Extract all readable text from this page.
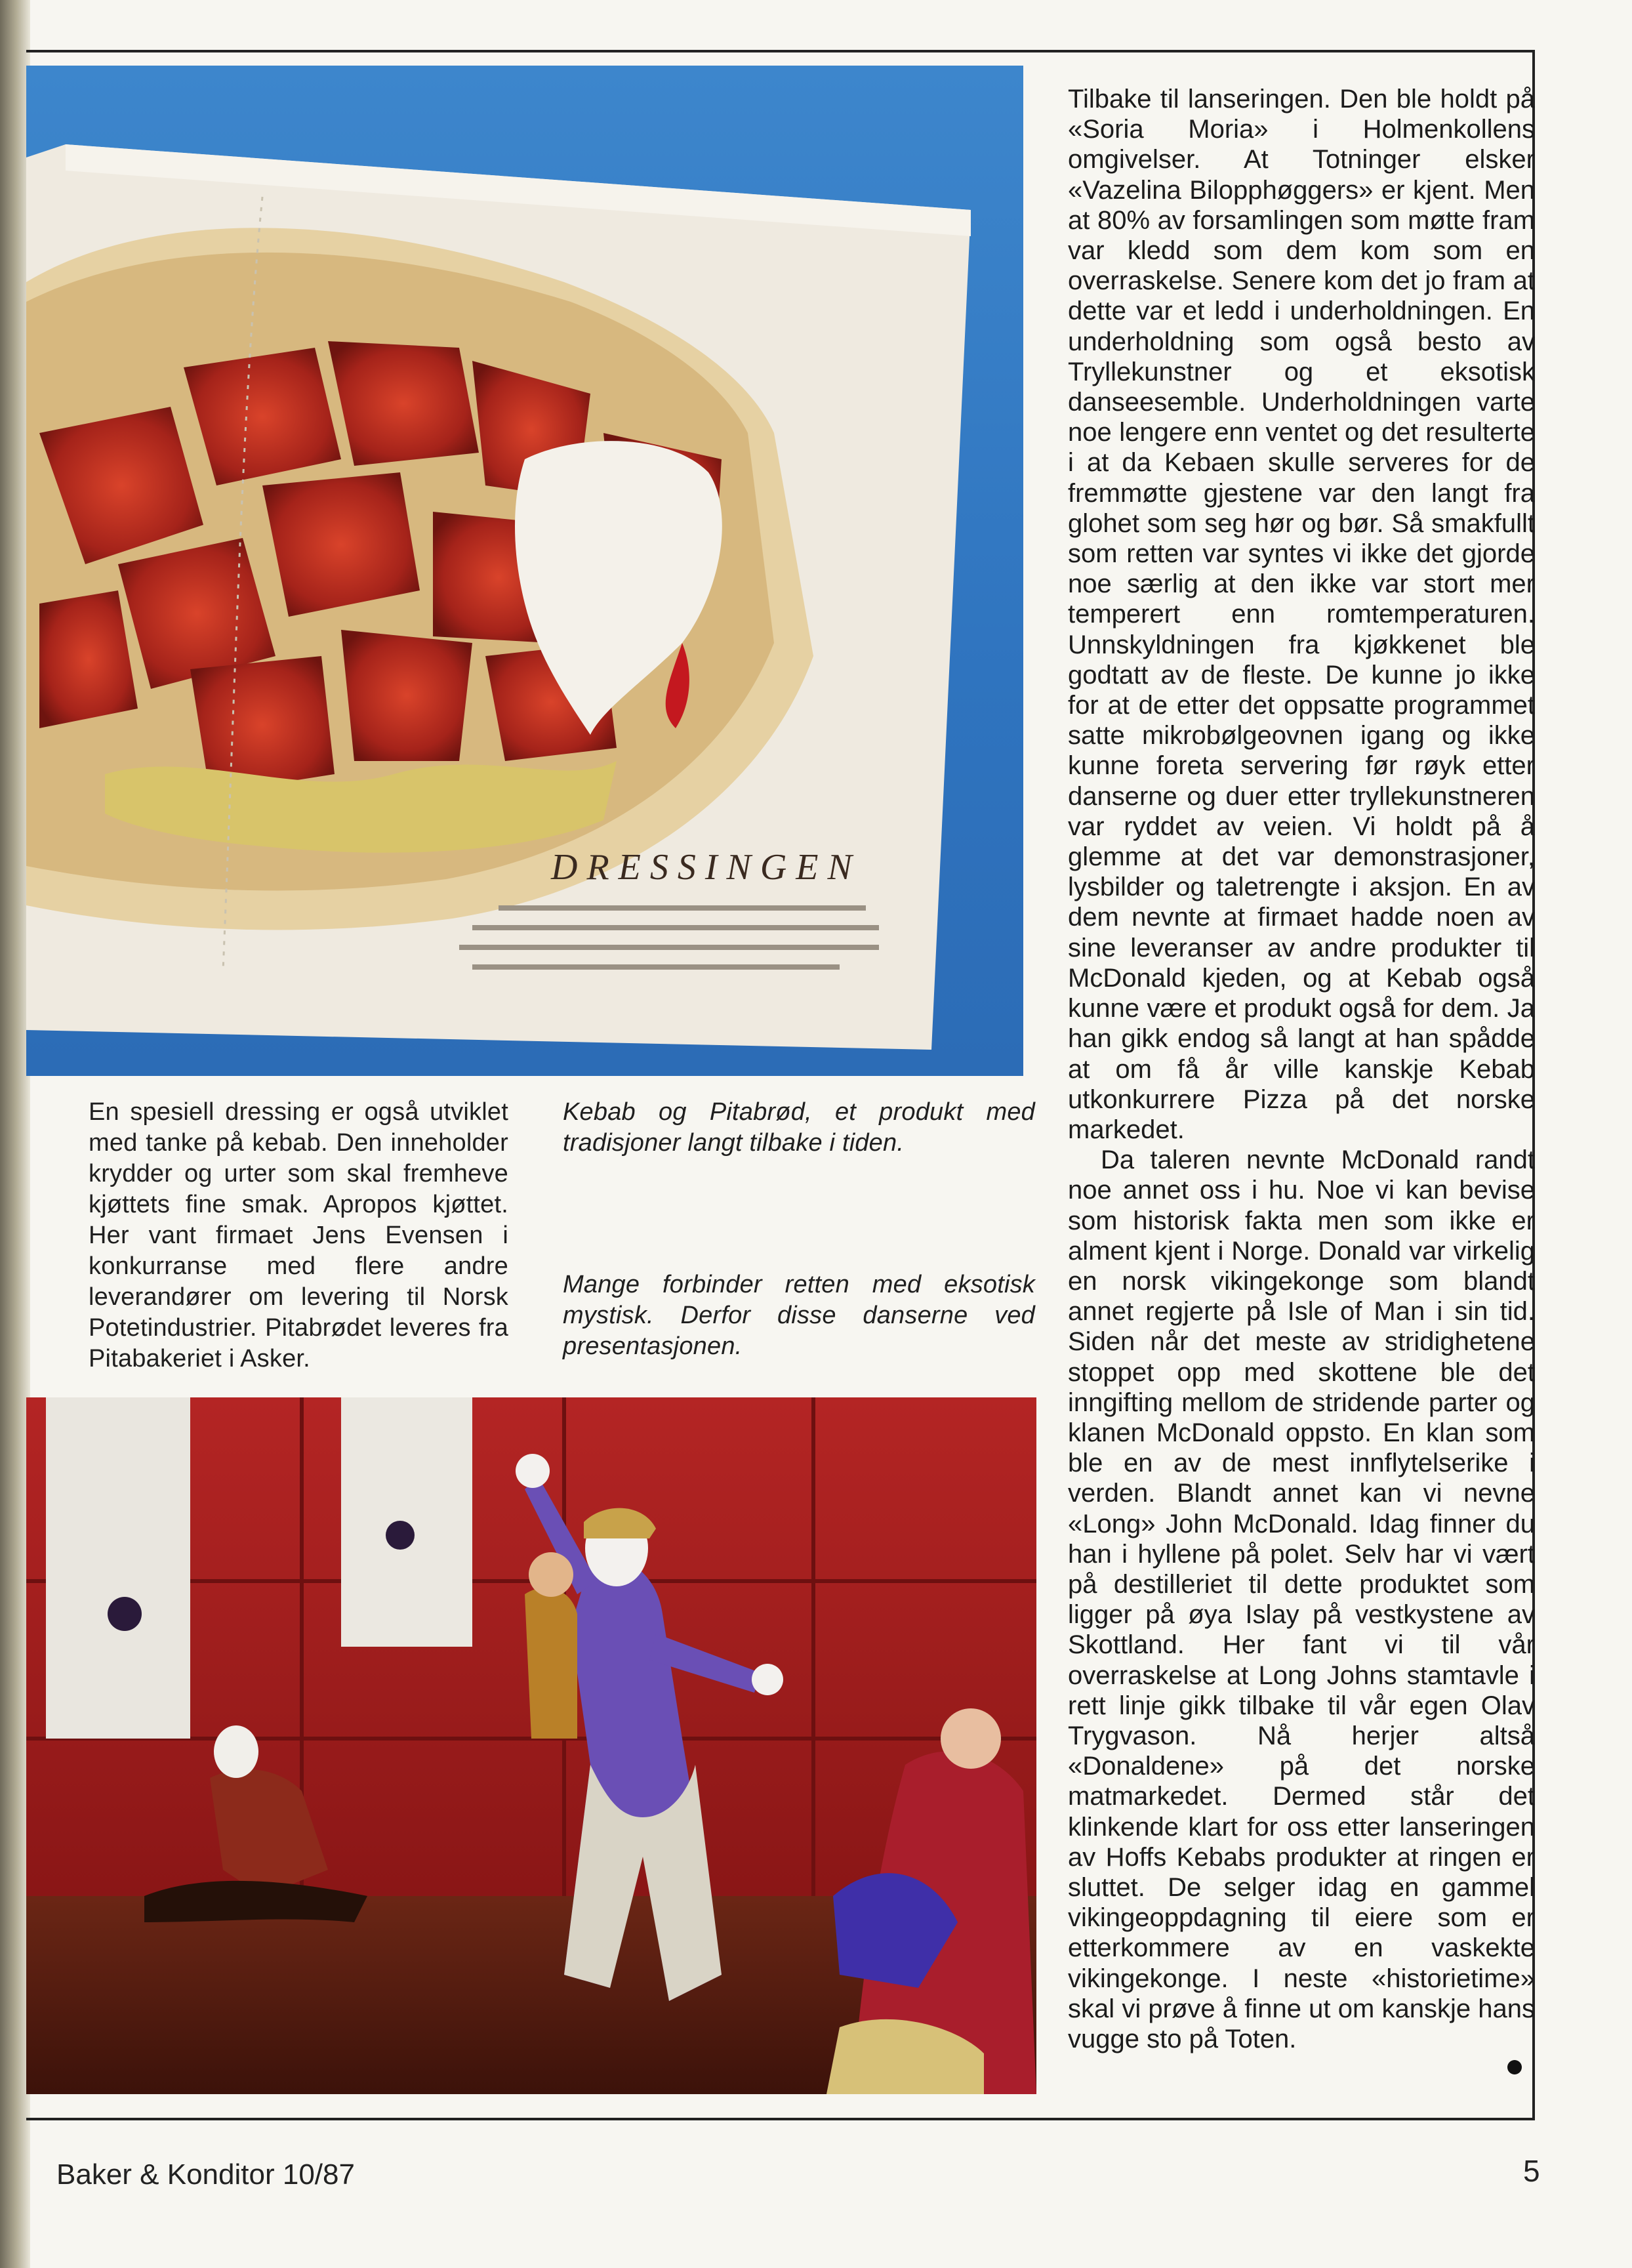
DRESSINGEN
En spesiell dressing er også utviklet med tanke på kebab. Den inneholder krydder og urter som skal fremheve kjøttets fine smak. Apropos kjøttet. Her vant firmaet Jens Evensen i konkurranse med flere andre leverandører om levering til Norsk Potetindustrier. Pitabrødet leveres fra Pitabakeriet i Asker.
Kebab og Pitabrød, et produkt med tradisjoner langt tilbake i tiden.
Mange forbinder retten med eksotisk mystisk. Derfor disse danserne ved presentasjonen.

Tilbake til lanseringen. Den ble holdt på «Soria Moria» i Holmenkollens omgivelser. At Totninger elsker «Vazelina Bilopphøggers» er kjent. Men at 80% av forsamlingen som møtte fram var kledd som dem kom som en overraskelse. Senere kom det jo fram at dette var et ledd i underholdningen. En underholdning som også besto av Tryllekunstner og et eksotisk danseesemble. Underholdningen varte noe lengere enn ventet og det resulterte i at da Kebaen skulle serveres for de fremmøtte gjestene var den langt fra glohet som seg hør og bør. Så smakfullt som retten var syntes vi ikke det gjorde noe særlig at den ikke var stort mer temperert enn romtemperaturen. Unnskyldningen fra kjøkkenet ble godtatt av de fleste. De kunne jo ikke for at de etter det oppsatte programmet satte mikrobølgeovnen igang og ikke kunne foreta servering før røyk etter danserne og duer etter tryllekunstneren var ryddet av veien. Vi holdt på å glemme at det var demonstrasjoner, lysbilder og taletrengte i aksjon. En av dem nevnte at firmaet hadde noen av sine leveranser av andre produkter til McDonald kjeden, og at Kebab også kunne være et produkt også for dem. Ja han gikk endog så langt at han spådde at om få år ville kanskje Kebab utkonkurrere Pizza på det norske markedet.

Da taleren nevnte McDonald randt noe annet oss i hu. Noe vi kan bevise som historisk fakta men som ikke er alment kjent i Norge. Donald var virkelig en norsk vikingekonge som blandt annet regjerte på Isle of Man i sin tid. Siden når det meste av stridighetene stoppet opp med skottene ble det inngifting mellom de stridende parter og klanen McDonald oppsto. En klan som ble en av de mest innflytelserike i verden. Blandt annet kan vi nevne «Long» John McDonald. Idag finner du han i hyllene på polet. Selv har vi vært på destilleriet til dette produktet som ligger på øya Islay på vestkystene av Skottland. Her fant vi til vår overraskelse at Long Johns stamtavle i rett linje gikk tilbake til vår egen Olav Trygvason. Nå herjer altså «Donaldene» på det norske matmarkedet. Dermed står det klinkende klart for oss etter lanseringen av Hoffs Kebabs produkter at ringen er sluttet. De selger idag en gammel vikingeoppdagning til eiere som er etterkommere av en vaskekte vikingekonge. I neste «historietime» skal vi prøve å finne ut om kanskje hans vugge sto på Toten.

Baker & Konditor 10/87	5
